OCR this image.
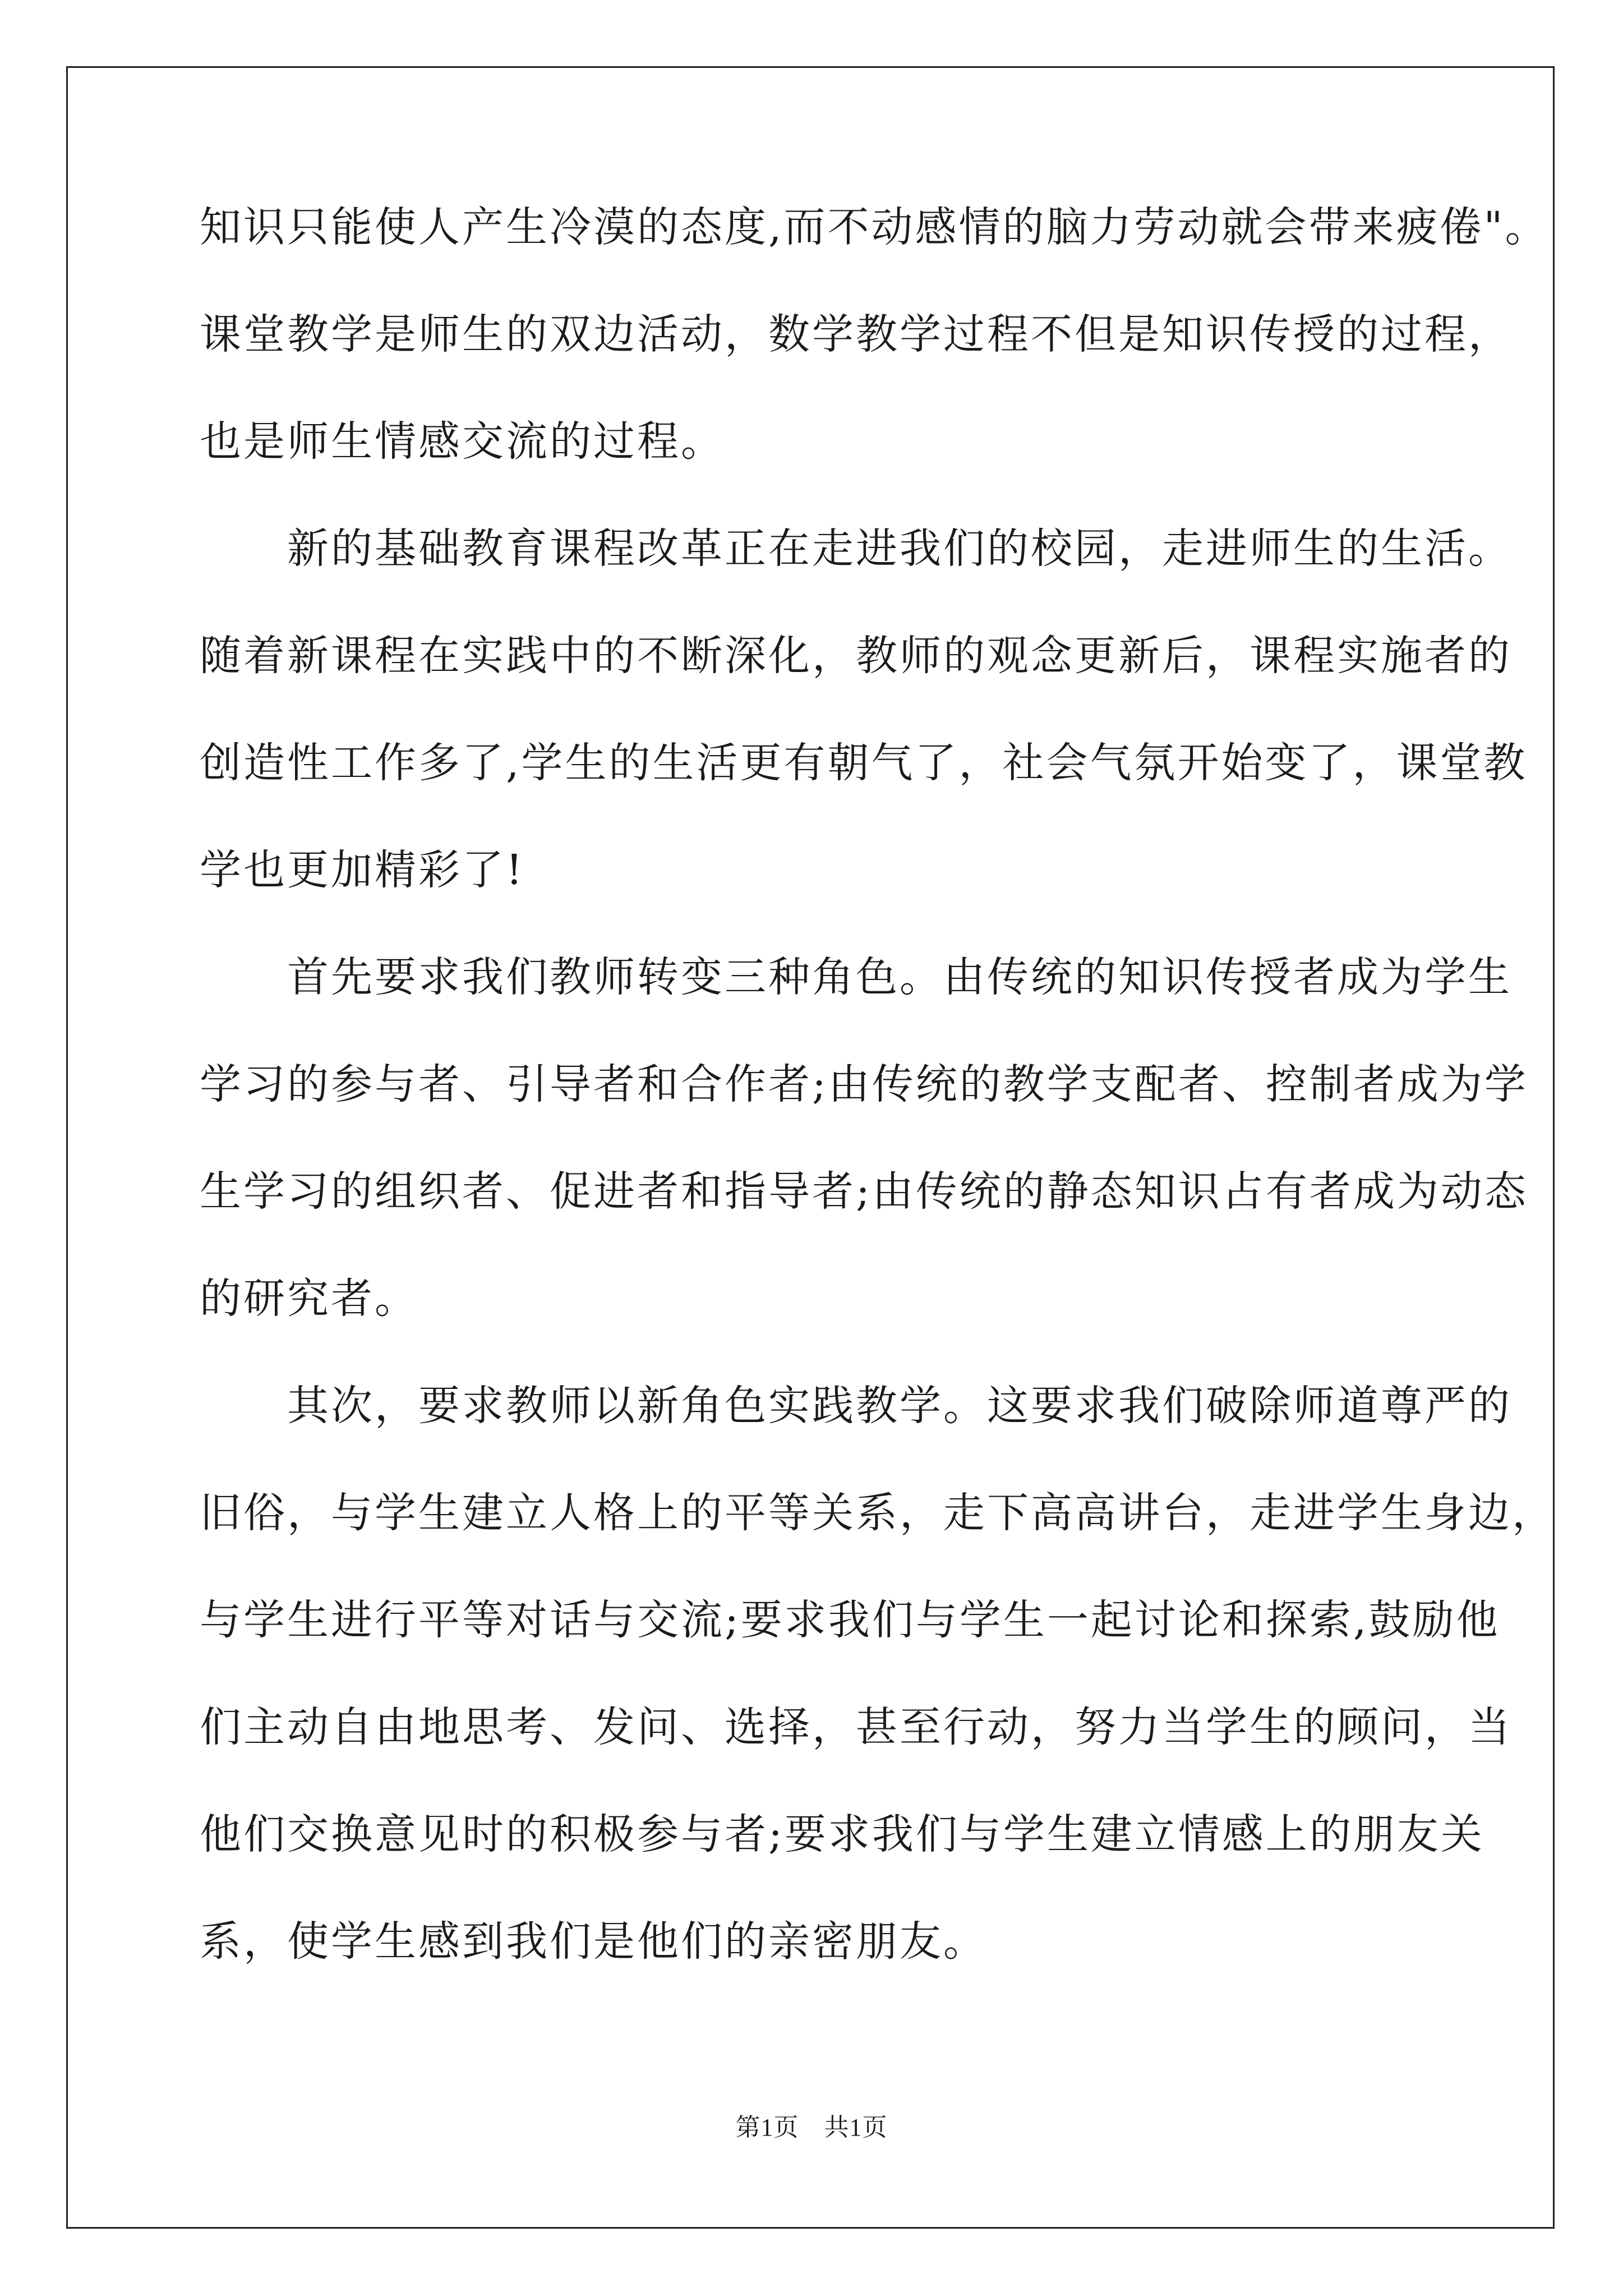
知识只能使人产生冷漠的态度,而不动感情的脑力劳动就会带来疲倦"。

课堂教学是师生的双边活动，数学教学过程不但是知识传授的过程，

也是师生情感交流的过程。

　　新的基础教育课程改革正在走进我们的校园，走进师生的生活。

随着新课程在实践中的不断深化，教师的观念更新后，课程实施者的

创造性工作多了,学生的生活更有朝气了，社会气氛开始变了，课堂教

学也更加精彩了!

　　首先要求我们教师转变三种角色。由传统的知识传授者成为学生

学习的参与者、引导者和合作者;由传统的教学支配者、控制者成为学

生学习的组织者、促进者和指导者;由传统的静态知识占有者成为动态

的研究者。

　　其次，要求教师以新角色实践教学。这要求我们破除师道尊严的

旧俗，与学生建立人格上的平等关系，走下高高讲台，走进学生身边，

与学生进行平等对话与交流;要求我们与学生一起讨论和探索,鼓励他

们主动自由地思考、发问、选择，甚至行动，努力当学生的顾问，当

他们交换意见时的积极参与者;要求我们与学生建立情感上的朋友关

系，使学生感到我们是他们的亲密朋友。

第1页　共1页
